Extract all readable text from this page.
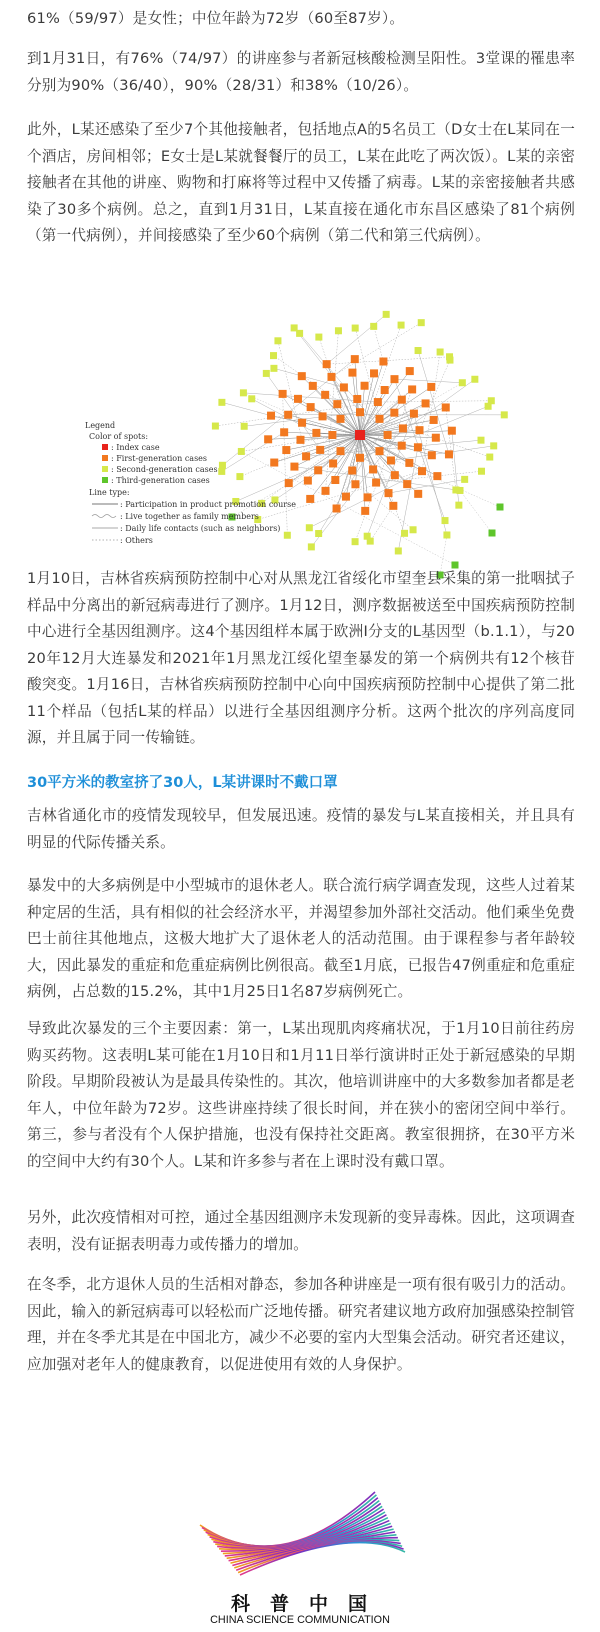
61%（59/97）是女性；中位年龄为72岁（60至87岁）。

到1月31日，有76%（74/97）的讲座参与者新冠核酸检测呈阳性。3堂课的罹患率分别为90%（36/40），90%（28/31）和38%（10/26）。

此外，L某还感染了至少7个其他接触者，包括地点A的5名员工（D女士在L某同在一个酒店，房间相邻；E女士是L某就餐餐厅的员工，L某在此吃了两次饭）。L某的亲密接触者在其他的讲座、购物和打麻将等过程中又传播了病毒。L某的亲密接触者共感染了30多个病例。总之，直到1月31日，L某直接在通化市东昌区感染了81个病例（第一代病例），并间接感染了至少60个病例（第二代和第三代病例）。

Legend
Color of spots:
: Index case
: First-generation cases
: Second-generation cases
: Third-generation cases
Line type:
: Participation in product promotion course
: Live together as family members
: Daily life contacts (such as neighbors)
: Others

1月10日，吉林省疾病预防控制中心对从黑龙江省绥化市望奎县采集的第一批咽拭子样品中分离出的新冠病毒进行了测序。1月12日，测序数据被送至中国疾病预防控制中心进行全基因组测序。这4个基因组样本属于欧洲I分支的L基因型（b.1.1），与2020年12月大连暴发和2021年1月黑龙江绥化望奎暴发的第一个病例共有12个核苷酸突变。1月16日，吉林省疾病预防控制中心向中国疾病预防控制中心提供了第二批11个样品（包括L某的样品）以进行全基因组测序分析。这两个批次的序列高度同源，并且属于同一传输链。

30平方米的教室挤了30人，L某讲课时不戴口罩

吉林省通化市的疫情发现较早，但发展迅速。疫情的暴发与L某直接相关，并且具有明显的代际传播关系。

暴发中的大多病例是中小型城市的退休老人。联合流行病学调查发现，这些人过着某种定居的生活，具有相似的社会经济水平，并渴望参加外部社交活动。他们乘坐免费巴士前往其他地点，这极大地扩大了退休老人的活动范围。由于课程参与者年龄较大，因此暴发的重症和危重症病例比例很高。截至1月底，已报告47例重症和危重症病例，占总数的15.2%，其中1月25日1名87岁病例死亡。

导致此次暴发的三个主要因素：第一，L某出现肌肉疼痛状况，于1月10日前往药房购买药物。这表明L某可能在1月10日和1月11日举行演讲时正处于新冠感染的早期阶段。早期阶段被认为是最具传染性的。其次，他培训讲座中的大多数参加者都是老年人，中位年龄为72岁。这些讲座持续了很长时间，并在狭小的密闭空间中举行。第三，参与者没有个人保护措施，也没有保持社交距离。教室很拥挤，在30平方米的空间中大约有30个人。L某和许多参与者在上课时没有戴口罩。

另外，此次疫情相对可控，通过全基因组测序未发现新的变异毒株。因此，这项调查表明，没有证据表明毒力或传播力的增加。

在冬季，北方退休人员的生活相对静态，参加各种讲座是一项有很有吸引力的活动。因此，输入的新冠病毒可以轻松而广泛地传播。研究者建议地方政府加强感染控制管理，并在冬季尤其是在中国北方，减少不必要的室内大型集会活动。研究者还建议，应加强对老年人的健康教育，以促进使用有效的人身保护。

科普中国
CHINA SCIENCE COMMUNICATION
